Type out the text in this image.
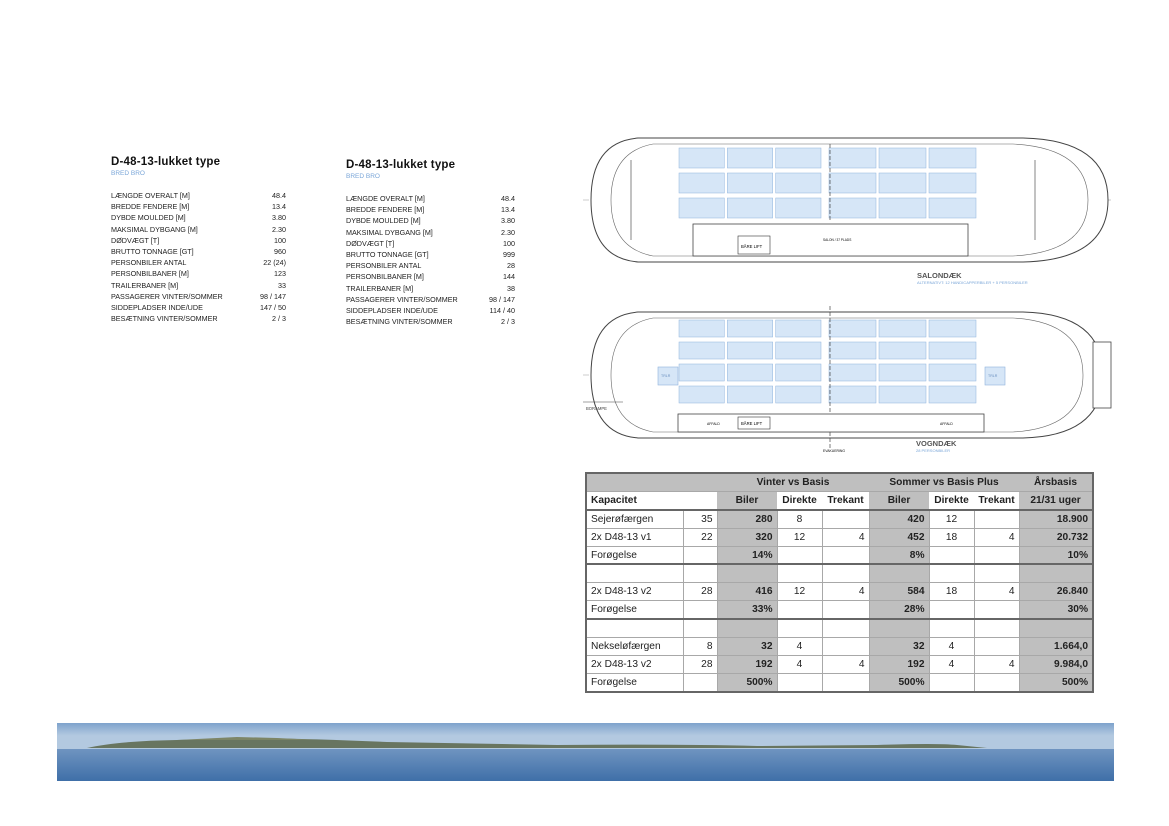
D-48-13-lukket type
BRED BRO
LÆNGDE OVERALT [M]	48.4
BREDDE FENDERE [M]	13.4
DYBDE MOULDED [M]	3.80
MAKSIMAL DYBGANG [M]	2.30
DØDVÆGT [T]	100
BRUTTO TONNAGE [GT]	960
PERSONBILER ANTAL	22 (24)
PERSONBILBANER [M]	123
TRAILERBANER [M]	33
PASSAGERER VINTER/SOMMER	98 / 147
SIDDEPLADSER INDE/UDE	147 / 50
BESÆTNING VINTER/SOMMER	2 / 3
D-48-13-lukket type
BRED BRO
LÆNGDE OVERALT [M]	48.4
BREDDE FENDERE [M]	13.4
DYBDE MOULDED [M]	3.80
MAKSIMAL DYBGANG [M]	2.30
DØDVÆGT [T]	100
BRUTTO TONNAGE [GT]	999
PERSONBILER ANTAL	28
PERSONBILBANER [M]	144
TRAILERBANER [M]	38
PASSAGERER VINTER/SOMMER	98 / 147
SIDDEPLADSER INDE/UDE	114 / 40
BESÆTNING VINTER/SOMMER	2 / 3
BÅRE LIFT
SALON / 37 PLADS
SALONDÆK
ALTERNATIVT: 12 HANDICAPPERBILER + 5 PERSONBILER
BORAMPE
TRLR	TRLR
BÅRE LIFT
AFFALD	AFFALD
EVAKUERING
VOGNDÆK
28 PERSONBILER
		Vinter vs Basis			Sommer vs Basis Plus			Årsbasis
Kapacitet		Biler	Direkte	Trekant	Biler	Direkte	Trekant	21/31 uger
Sejerøfærgen	35	280	8		420	12		18.900
2x D48-13 v1	22	320	12	4	452	18	4	20.732
Forøgelse		14%			8%			10%

2x D48-13 v2	28	416	12	4	584	18	4	26.840
Forøgelse		33%			28%			30%

Nekseløfærgen	8	32	4		32	4		1.664,0
2x D48-13 v2	28	192	4	4	192	4	4	9.984,0
Forøgelse		500%			500%			500%
